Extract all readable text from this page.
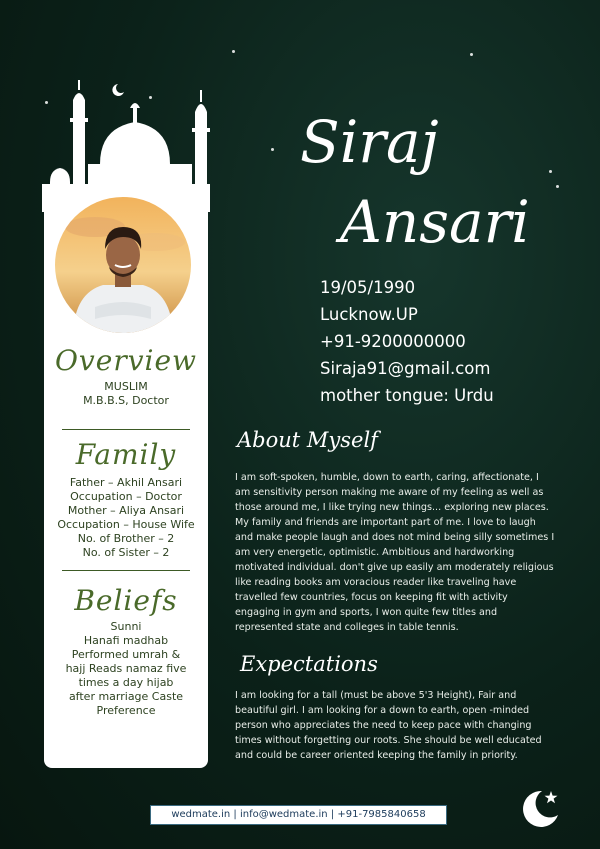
Overview
MUSLIM
M.B.B.S, Doctor
Family
Father – Akhil Ansari
Occupation – Doctor
Mother – Aliya Ansari
Occupation – House Wife
No. of Brother – 2
No. of Sister – 2
Beliefs
Sunni
Hanafi madhab
Performed umrah &
hajj Reads namaz five
times a day hijab
after marriage Caste
Preference
Siraj
Ansari
19/05/1990
Lucknow.UP
+91-9200000000
Siraja91@gmail.com
mother tongue: Urdu
About Myself
I am soft-spoken, humble, down to earth, caring, affectionate, I am sensitivity person making me aware of my feeling as well as those around me, I like trying new things... exploring new places. My family and friends are important part of me. I love to laugh and make people laugh and does not mind being silly sometimes I am very energetic, optimistic. Ambitious and hardworking motivated individual. don't give up easily am moderately religious like reading books am voracious reader like traveling have travelled few countries, focus on keeping fit with activity engaging in gym and sports, I won quite few titles and represented state and colleges in table tennis.
Expectations
I am looking for a tall (must be above 5'3 Height), Fair and beautiful girl. I am looking for a down to earth, open -minded person who appreciates the need to keep pace with changing times without forgetting our roots. She should be well educated and could be career oriented keeping the family in priority.
wedmate.in | info@wedmate.in | +91-7985840658
